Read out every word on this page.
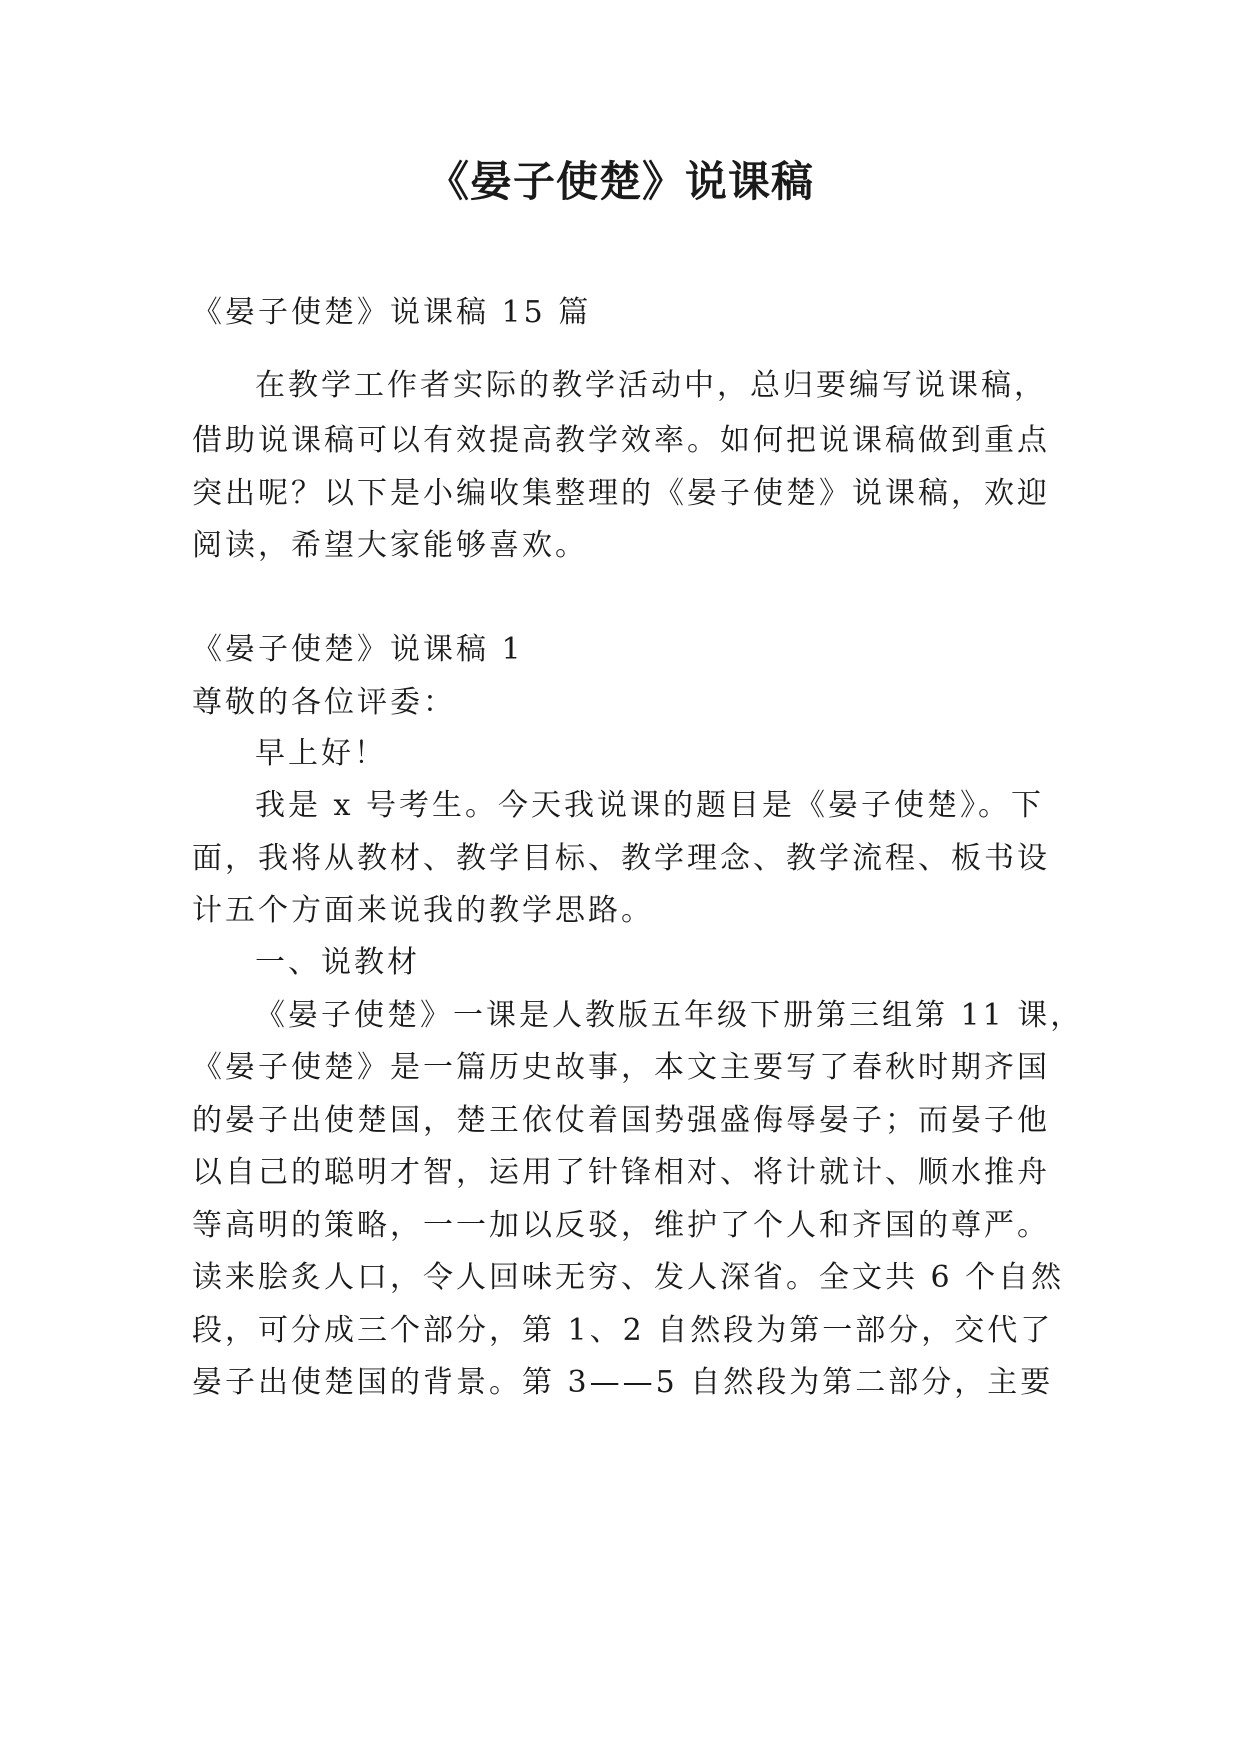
《晏子使楚》说课稿
《晏子使楚》说课稿 15 篇
在教学工作者实际的教学活动中，总归要编写说课稿，
借助说课稿可以有效提高教学效率。如何把说课稿做到重点
突出呢？以下是小编收集整理的《晏子使楚》说课稿，欢迎
阅读，希望大家能够喜欢。
《晏子使楚》说课稿 1
尊敬的各位评委：
早上好！
我是 x 号考生。今天我说课的题目是《晏子使楚》。下
面，我将从教材、教学目标、教学理念、教学流程、板书设
计五个方面来说我的教学思路。
一、说教材
《晏子使楚》一课是人教版五年级下册第三组第 11 课，
《晏子使楚》是一篇历史故事，本文主要写了春秋时期齐国
的晏子出使楚国，楚王依仗着国势强盛侮辱晏子；而晏子他
以自己的聪明才智，运用了针锋相对、将计就计、顺水推舟
等高明的策略，一一加以反驳，维护了个人和齐国的尊严。
读来脍炙人口，令人回味无穷、发人深省。全文共 6 个自然
段，可分成三个部分，第 1、2 自然段为第一部分，交代了
晏子出使楚国的背景。第 3——5 自然段为第二部分，主要
